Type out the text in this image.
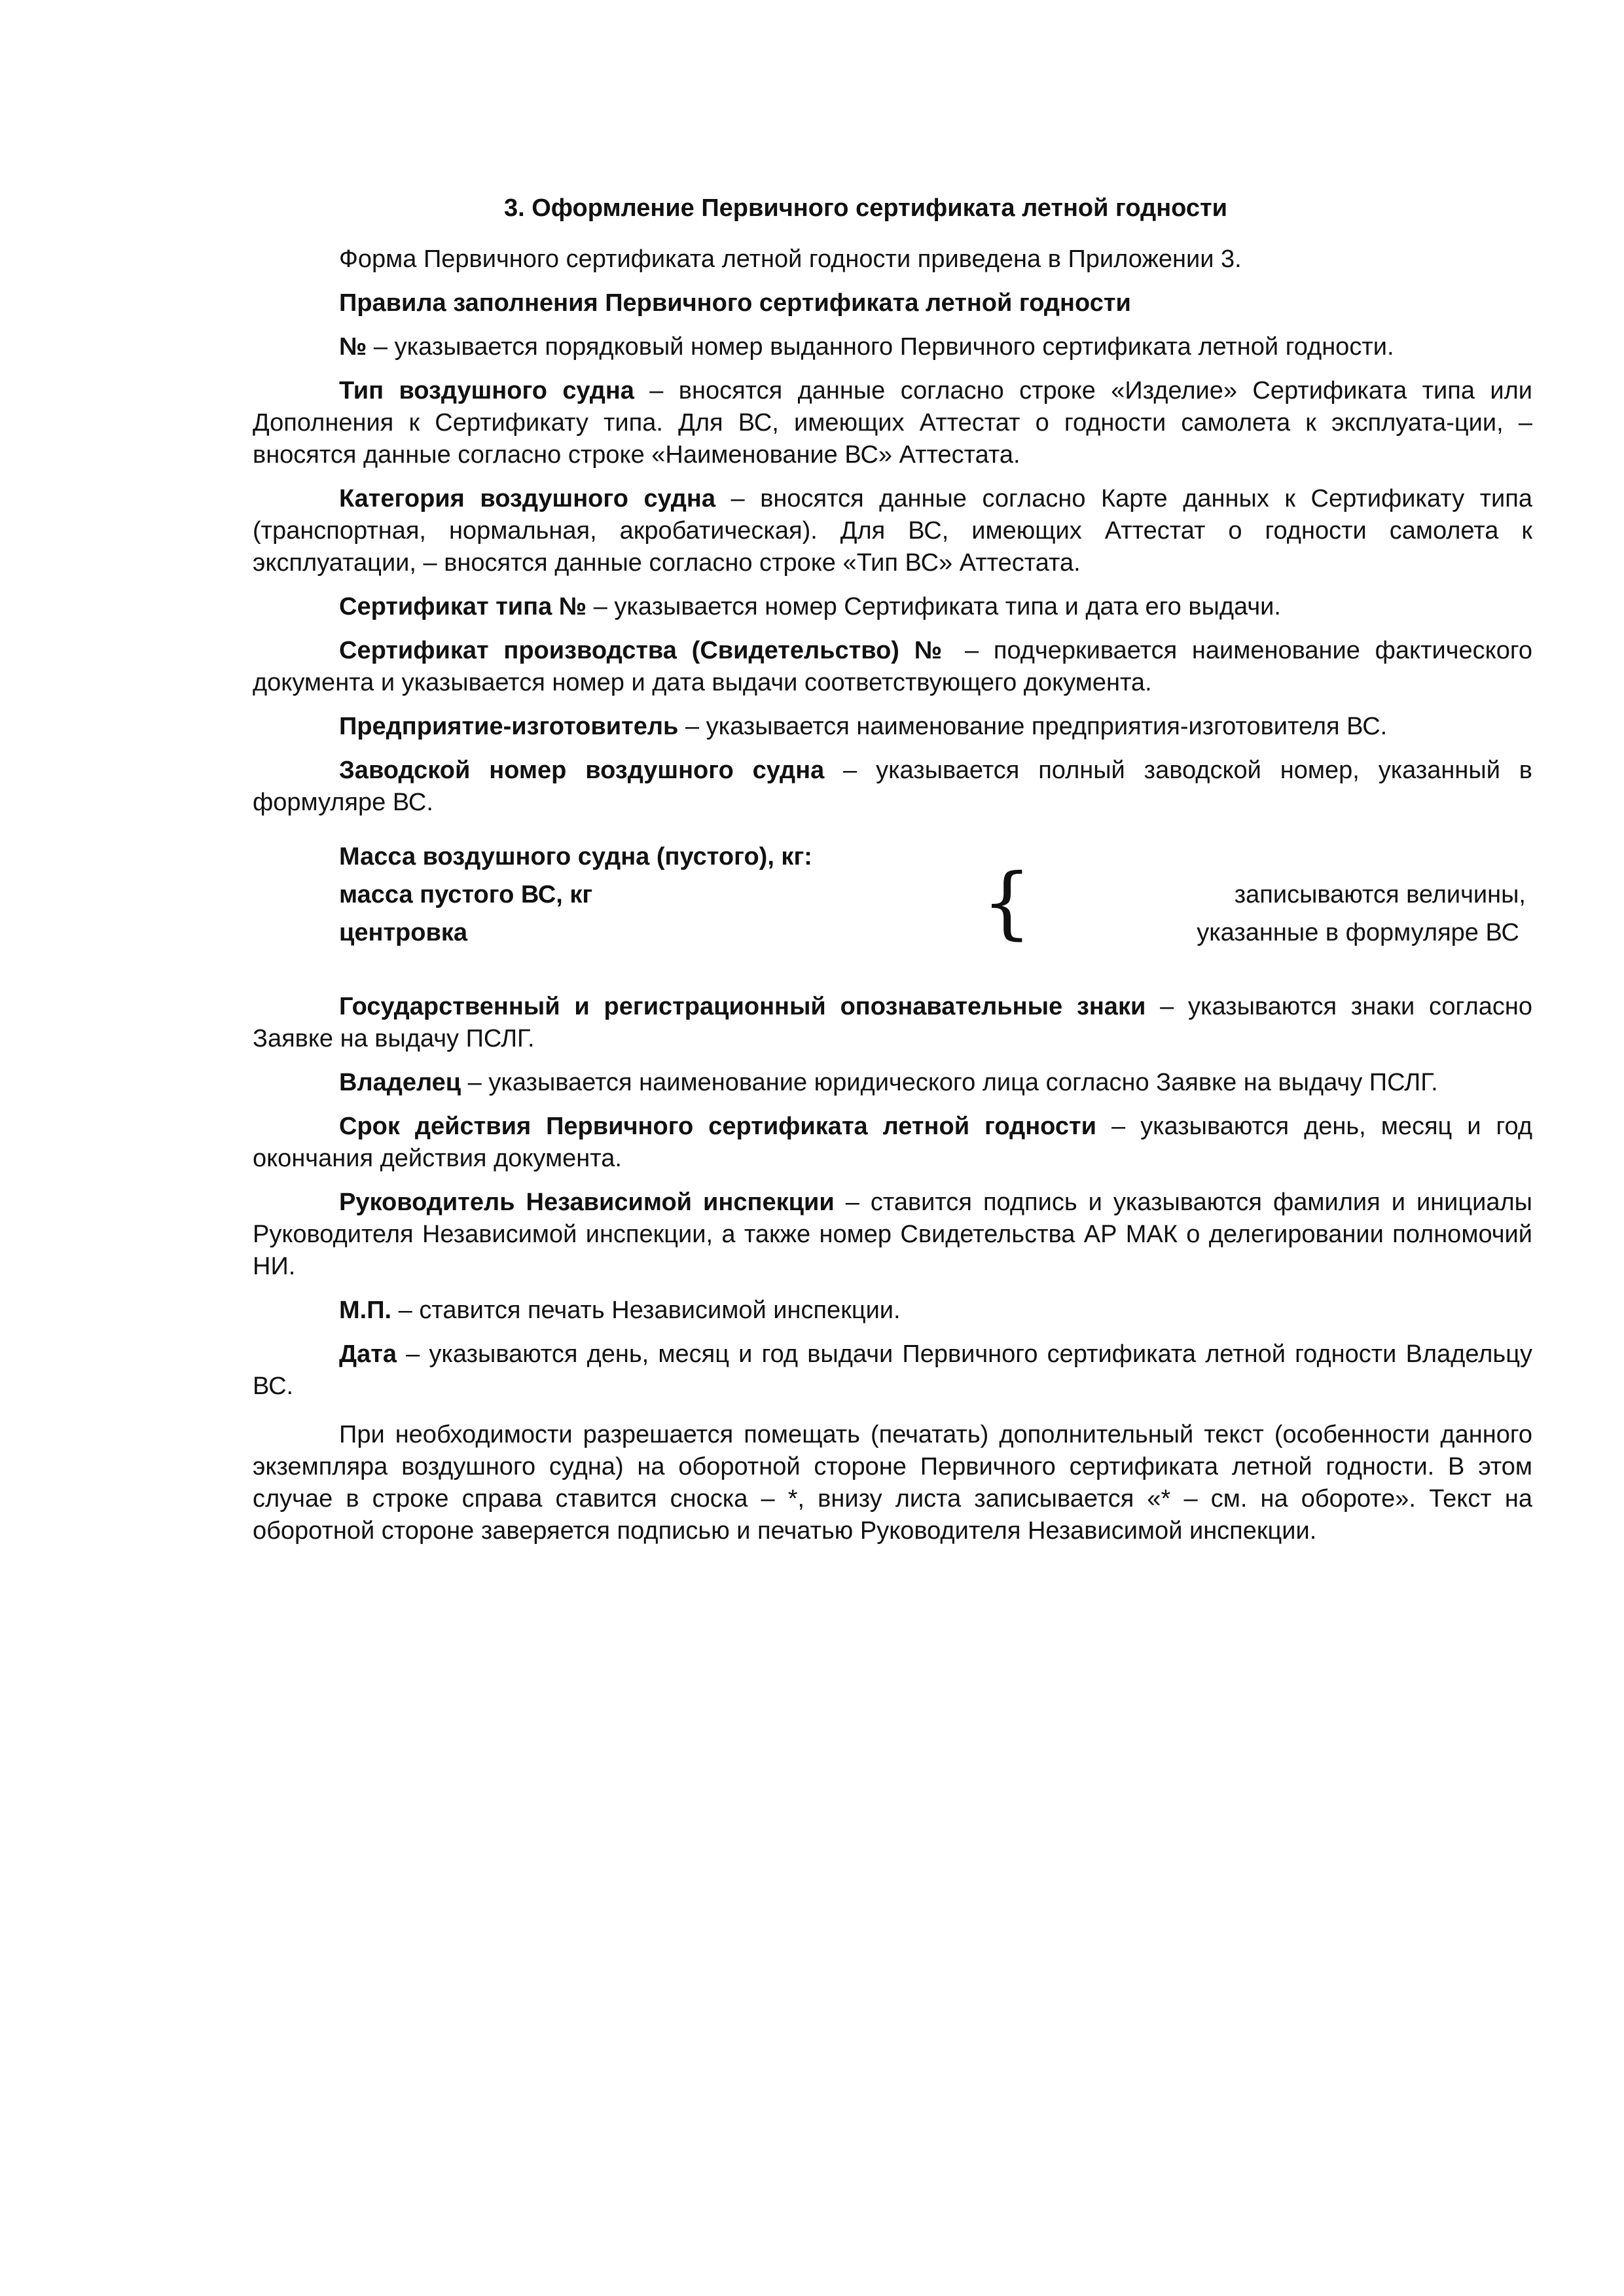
3. Оформление Первичного сертификата летной годности

Форма Первичного сертификата летной годности приведена в Приложении 3.

Правила заполнения Первичного сертификата летной годности

№ – указывается порядковый номер выданного Первичного сертификата летной годности.

Тип воздушного судна – вносятся данные согласно строке «Изделие» Сертификата типа или Дополнения к Сертификату типа. Для ВС, имеющих Аттестат о годности самолета к эксплуата-ции, – вносятся данные согласно строке «Наименование ВС» Аттестата.

Категория воздушного судна – вносятся данные согласно Карте данных к Сертификату типа (транспортная, нормальная, акробатическая). Для ВС, имеющих Аттестат о годности самолета к эксплуатации, – вносятся данные согласно строке «Тип ВС» Аттестата.

Сертификат типа № – указывается номер Сертификата типа и дата его выдачи.

Сертификат производства (Свидетельство) № – подчеркивается наименование фактического документа и указывается номер и дата выдачи соответствующего документа.

Предприятие-изготовитель – указывается наименование предприятия-изготовителя ВС.

Заводской номер воздушного судна – указывается полный заводской номер, указанный в формуляре ВС.

Масса воздушного судна (пустого), кг:
масса пустого ВС, кг
центровка	{	записываются величины,
указанные в формуляре ВС

Государственный и регистрационный опознавательные знаки – указываются знаки согласно Заявке на выдачу ПСЛГ.

Владелец – указывается наименование юридического лица согласно Заявке на выдачу ПСЛГ.

Срок действия Первичного сертификата летной годности – указываются день, месяц и год окончания действия документа.

Руководитель Независимой инспекции – ставится подпись и указываются фамилия и инициалы Руководителя Независимой инспекции, а также номер Свидетельства АР МАК о делегировании полномочий НИ.

М.П. – ставится печать Независимой инспекции.

Дата – указываются день, месяц и год выдачи Первичного сертификата летной годности Владельцу ВС.

При необходимости разрешается помещать (печатать) дополнительный текст (особенности данного экземпляра воздушного судна) на оборотной стороне Первичного сертификата летной годности. В этом случае в строке справа ставится сноска – *, внизу листа записывается «* – см. на обороте». Текст на оборотной стороне заверяется подписью и печатью Руководителя Независимой инспекции.
